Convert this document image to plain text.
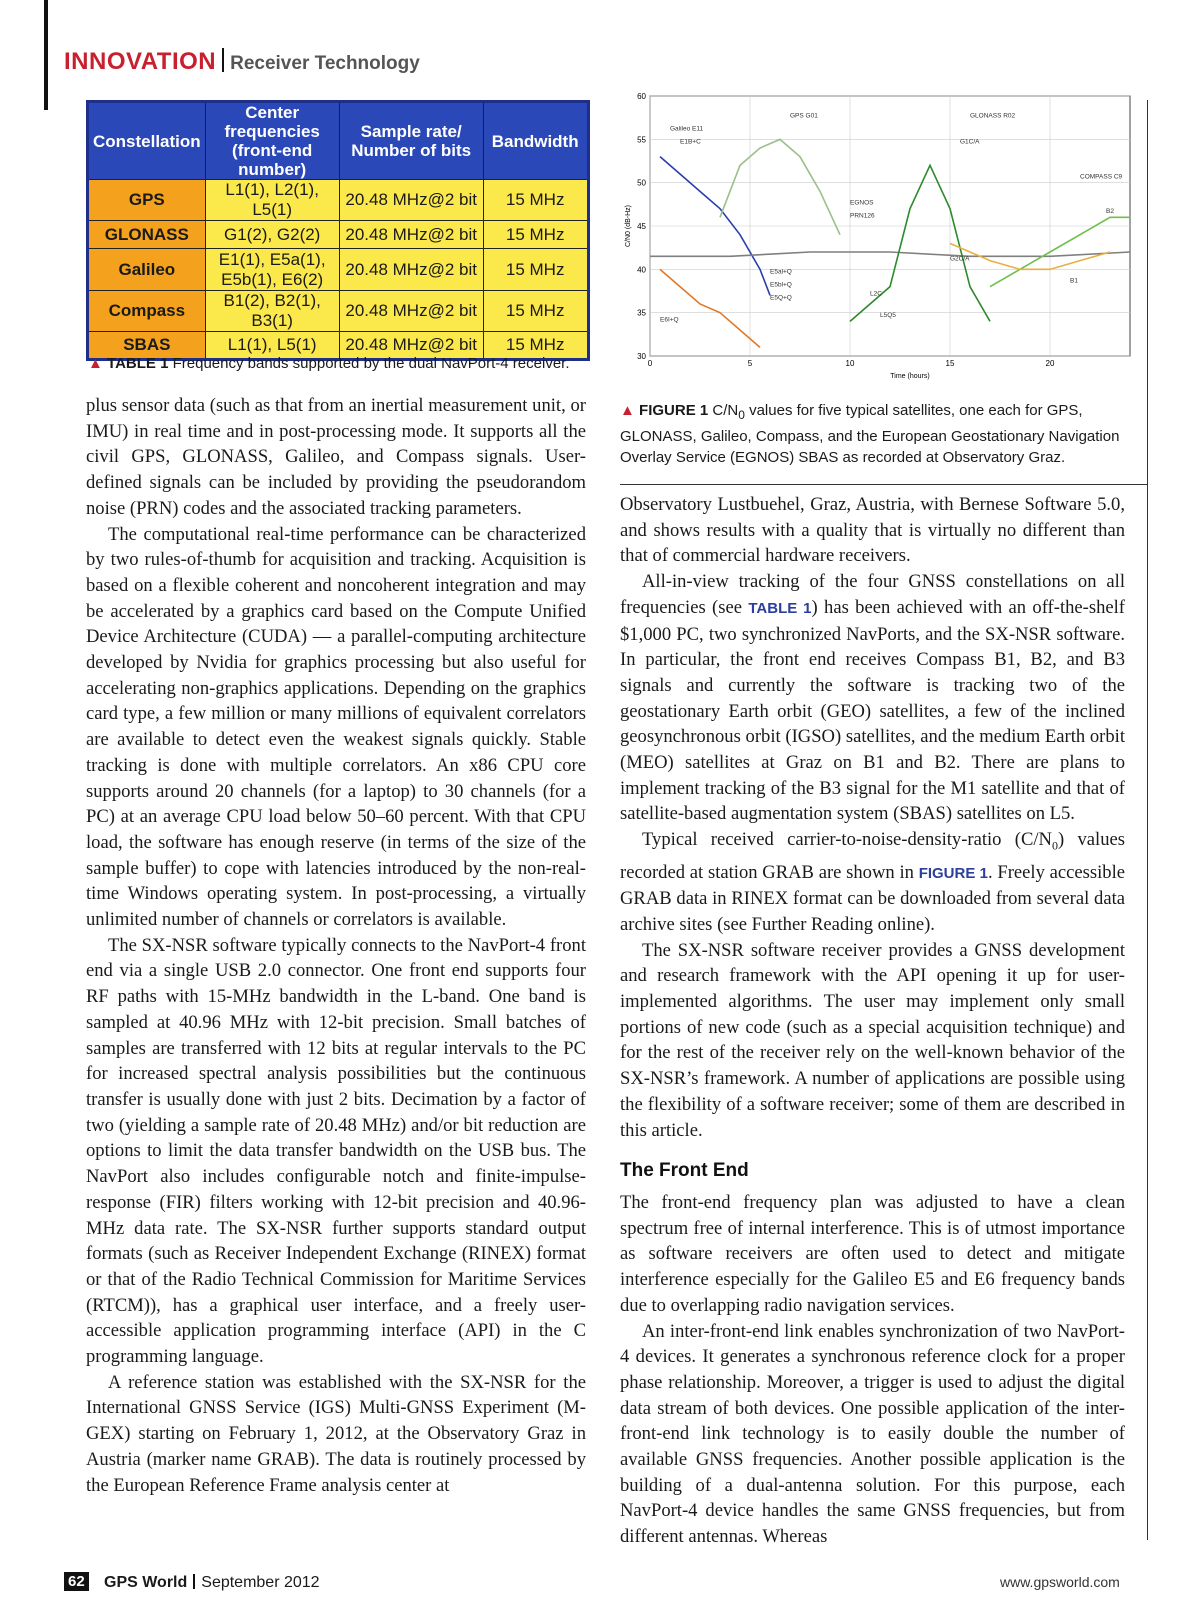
INNOVATION Receiver Technology
Constellation	Center frequencies (front-end number)	Sample rate/ Number of bits	Bandwidth
GPS	L1(1), L2(1), L5(1)	20.48 MHz@2 bit	15 MHz
GLONASS	G1(2), G2(2)	20.48 MHz@2 bit	15 MHz
Galileo	E1(1), E5a(1), E5b(1), E6(2)	20.48 MHz@2 bit	15 MHz
Compass	B1(2), B2(1), B3(1)	20.48 MHz@2 bit	15 MHz
SBAS	L1(1), L5(1)	20.48 MHz@2 bit	15 MHz
▲ TABLE 1 Frequency bands supported by the dual NavPort-4 receiver.	30
35
40
45
50
55
60
0	5	10	15	20
Time (hours)
C/N0 (dB-Hz)
Galileo E11
GPS G01	GLONASS R02
COMPASS C9
E1B+C	G1C/A
B2
EGNOS
PRN126
E5al+Q
E5bl+Q
E5Q+Q
E6I+Q
G2C/A
B1
L2C
L5Q5
▲ FIGURE 1 $C/N_0$ values for five typical satellites, one each for GPS, GLONASS, Galileo, Compass, and the European Geostationary Navigation Overlay Service (EGNOS) SBAS as recorded at Observatory Graz.

plus sensor data (such as that from an inertial measurement unit, or IMU) in real time and in post-processing mode. It supports all the civil GPS, GLONASS, Galileo, and Compass signals. User-defined signals can be included by providing the pseudorandom noise (PRN) codes and the associated tracking parameters.

The computational real-time performance can be characterized by two rules-of-thumb for acquisition and tracking. Acquisition is based on a flexible coherent and noncoherent integration and may be accelerated by a graphics card based on the Compute Unified Device Architecture (CUDA) — a parallel-computing architecture developed by Nvidia for graphics processing but also useful for accelerating non-graphics applications. Depending on the graphics card type, a few million or many millions of equivalent correlators are available to detect even the weakest signals quickly. Stable tracking is done with multiple correlators. An x86 CPU core supports around 20 channels (for a laptop) to 30 channels (for a PC) at an average CPU load below 50–60 percent. With that CPU load, the software has enough reserve (in terms of the size of the sample buffer) to cope with latencies introduced by the non-real-time Windows operating system. In post-processing, a virtually unlimited number of channels or correlators is available.

The SX-NSR software typically connects to the NavPort-4 front end via a single USB 2.0 connector. One front end supports four RF paths with 15-MHz bandwidth in the L-band. One band is sampled at 40.96 MHz with 12-bit precision. Small batches of samples are transferred with 12 bits at regular intervals to the PC for increased spectral analysis possibilities but the continuous transfer is usually done with just 2 bits. Decimation by a factor of two (yielding a sample rate of 20.48 MHz) and/or bit reduction are options to limit the data transfer bandwidth on the USB bus. The NavPort also includes configurable notch and finite-impulse-response (FIR) filters working with 12-bit precision and 40.96-MHz data rate. The SX-NSR further supports standard output formats (such as Receiver Independent Exchange (RINEX) format or that of the Radio Technical Commission for Maritime Services (RTCM)), has a graphical user interface, and a freely user-accessible application programming interface (API) in the C programming language.

A reference station was established with the SX-NSR for the International GNSS Service (IGS) Multi-GNSS Experiment (M-GEX) starting on February 1, 2012, at the Observatory Graz in Austria (marker name GRAB). The data is routinely processed by the European Reference Frame analysis center at

Observatory Lustbuehel, Graz, Austria, with Bernese Software 5.0, and shows results with a quality that is virtually no different than that of commercial hardware receivers.

All-in-view tracking of the four GNSS constellations on all frequencies (see TABLE 1) has been achieved with an off-the-shelf $1,000 PC, two synchronized NavPorts, and the SX-NSR software. In particular, the front end receives Compass B1, B2, and B3 signals and currently the software is tracking two of the geostationary Earth orbit (GEO) satellites, a few of the inclined geosynchronous orbit (IGSO) satellites, and the medium Earth orbit (MEO) satellites at Graz on B1 and B2. There are plans to implement tracking of the B3 signal for the M1 satellite and that of satellite-based augmentation system (SBAS) satellites on L5.

Typical received carrier-to-noise-density-ratio $(C/N_0)$ values recorded at station GRAB are shown in FIGURE 1. Freely accessible GRAB data in RINEX format can be downloaded from several data archive sites (see Further Reading online).

The SX-NSR software receiver provides a GNSS development and research framework with the API opening it up for user-implemented algorithms. The user may implement only small portions of new code (such as a special acquisition technique) and for the rest of the receiver rely on the well-known behavior of the SX-NSR’s framework. A number of applications are possible using the flexibility of a software receiver; some of them are described in this article.

The Front End

The front-end frequency plan was adjusted to have a clean spectrum free of internal interference. This is of utmost importance as software receivers are often used to detect and mitigate interference especially for the Galileo E5 and E6 frequency bands due to overlapping radio navigation services.

An inter-front-end link enables synchronization of two NavPort-4 devices. It generates a synchronous reference clock for a proper phase relationship. Moreover, a trigger is used to adjust the digital data stream of both devices. One possible application of the inter-front-end link technology is to easily double the number of available GNSS frequencies. Another possible application is the building of a dual-antenna solution. For this purpose, each NavPort-4 device handles the same GNSS frequencies, but from different antennas. Whereas

62 GPS World September 2012	www.gpsworld.com
